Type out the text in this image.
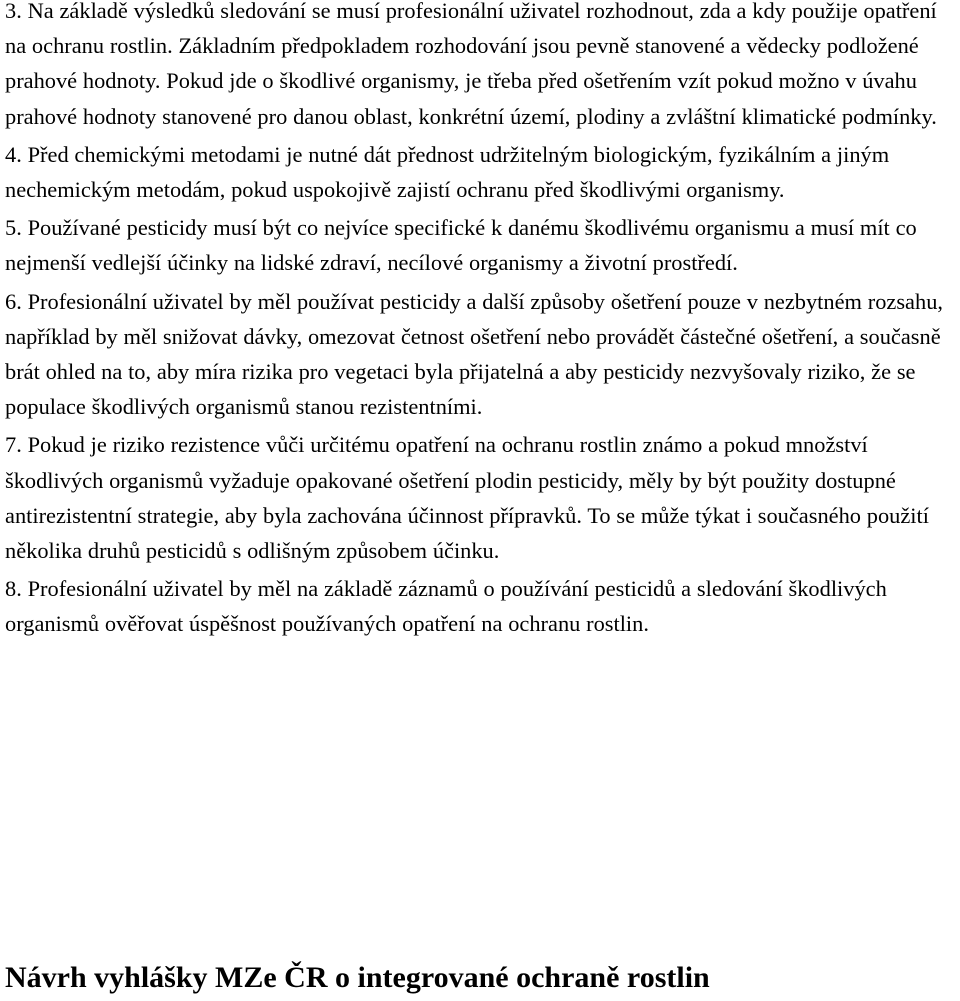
3. Na základě výsledků sledování se musí profesionální uživatel rozhodnout, zda a kdy použije opatření na ochranu rostlin. Základním předpokladem rozhodování jsou pevně stanovené a vědecky podložené prahové hodnoty. Pokud jde o škodlivé organismy, je třeba před ošetřením vzít pokud možno v úvahu prahové hodnoty stanovené pro danou oblast, konkrétní území, plodiny a zvláštní klimatické podmínky.

4. Před chemickými metodami je nutné dát přednost udržitelným biologickým, fyzikálním a jiným nechemickým metodám, pokud uspokojivě zajistí ochranu před škodlivými organismy.

5. Používané pesticidy musí být co nejvíce specifické k danému škodlivému organismu a musí mít co nejmenší vedlejší účinky na lidské zdraví, necílové organismy a životní prostředí.

6. Profesionální uživatel by měl používat pesticidy a další způsoby ošetření pouze v nezbytném rozsahu, například by měl snižovat dávky, omezovat četnost ošetření nebo provádět částečné ošetření, a současně brát ohled na to, aby míra rizika pro vegetaci byla přijatelná a aby pesticidy nezvyšovaly riziko, že se populace škodlivých organismů stanou rezistentními.

7. Pokud je riziko rezistence vůči určitému opatření na ochranu rostlin známo a pokud množství škodlivých organismů vyžaduje opakované ošetření plodin pesticidy, měly by být použity dostupné antirezistentní strategie, aby byla zachována účinnost přípravků. To se může týkat i současného použití několika druhů pesticidů s odlišným způsobem účinku.

8. Profesionální uživatel by měl na základě záznamů o používání pesticidů a sledování škodlivých organismů ověřovat úspěšnost používaných opatření na ochranu rostlin.

Návrh vyhlášky MZe ČR o integrované ochraně rostlin
